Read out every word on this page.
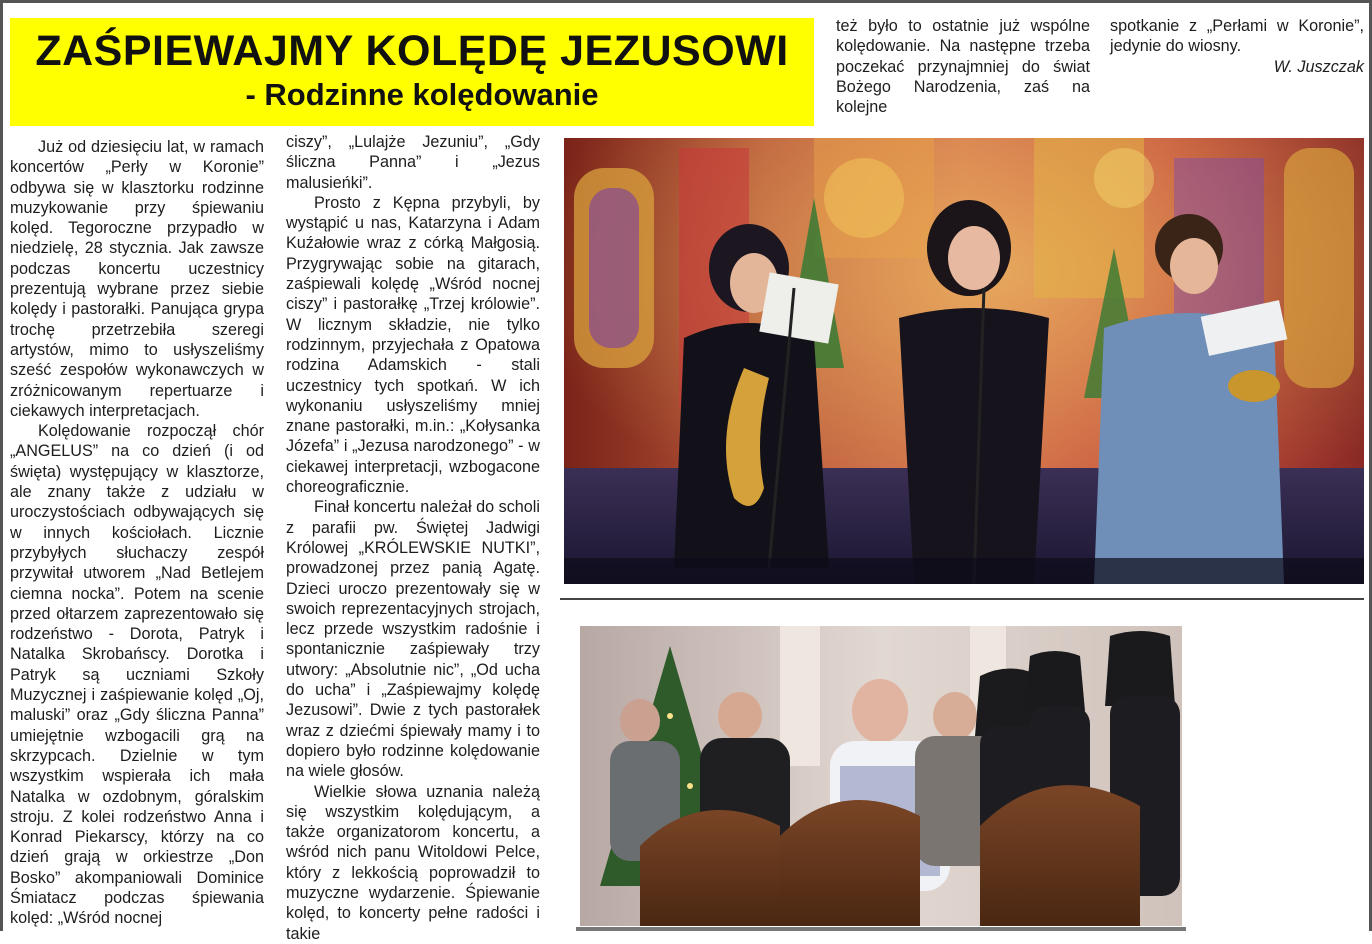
ZAŚPIEWAJMY KOLĘDĘ JEZUSOWI
- Rodzinne kolędowanie

też było to ostatnie już wspólne kolędowanie. Na następne trzeba poczekać przynajmniej do świat Bożego Narodzenia, zaś na kolejne

spotkanie z „Perłami w Koronie”, jedynie do wiosny.

W. Juszczak

Już od dziesięciu lat, w ramach koncertów „Perły w Koronie” odbywa się w klasztorku rodzinne muzykowanie przy śpiewaniu kolęd. Tegoroczne przypadło w niedzielę, 28 stycznia. Jak zawsze podczas koncertu uczestnicy prezentują wybrane przez siebie kolędy i pastorałki. Panująca grypa trochę przetrzebiła szeregi artystów, mimo to usłyszeliśmy sześć zespołów wykonawczych w zróżnicowanym repertuarze i ciekawych interpretacjach.

Kolędowanie rozpoczął chór „ANGELUS” na co dzień (i od święta) występujący w klasztorze, ale znany także z udziału w uroczystościach odbywających się w innych kościołach. Licznie przybyłych słuchaczy zespół przywitał utworem „Nad Betlejem ciemna nocka”. Potem na scenie przed ołtarzem zaprezentowało się rodzeństwo - Dorota, Patryk i Natalka Skrobańscy. Dorotka i Patryk są uczniami Szkoły Muzycznej i zaśpiewanie kolęd „Oj, maluski” oraz „Gdy śliczna Panna” umiejętnie wzbogacili grą na skrzypcach. Dzielnie w tym wszystkim wspierała ich mała Natalka w ozdobnym, góralskim stroju. Z kolei rodzeństwo Anna i Konrad Piekarscy, którzy na co dzień grają w orkiestrze „Don Bosko” akompaniowali Dominice Śmiatacz podczas śpiewania kolęd: „Wśród nocnej

ciszy”, „Lulajże Jezuniu”, „Gdy śliczna Panna” i „Jezus malusieńki”.

Prosto z Kępna przybyli, by wystąpić u nas, Katarzyna i Adam Kuźałowie wraz z córką Małgosią. Przygrywając sobie na gitarach, zaśpiewali kolędę „Wśród nocnej ciszy” i pastorałkę „Trzej królowie”. W licznym składzie, nie tylko rodzinnym, przyjechała z Opatowa rodzina Adamskich - stali uczestnicy tych spotkań. W ich wykonaniu usłyszeliśmy mniej znane pastorałki, m.in.: „Kołysanka Józefa” i „Jezusa narodzonego” - w ciekawej interpretacji, wzbogacone choreograficznie.

Finał koncertu należał do scholi z parafii pw. Świętej Jadwigi Królowej „KRÓLEWSKIE NUTKI”, prowadzonej przez panią Agatę. Dzieci uroczo prezentowały się w swoich reprezentacyjnych strojach, lecz przede wszystkim radośnie i spontanicznie zaśpiewały trzy utwory: „Absolutnie nic”, „Od ucha do ucha” i „Zaśpiewajmy kolędę Jezusowi”. Dwie z tych pastorałek wraz z dziećmi śpiewały mamy i to dopiero było rodzinne kolędowanie na wiele głosów.

Wielkie słowa uznania należą się wszystkim kolędującym, a także organizatorom koncertu, a wśród nich panu Witoldowi Pelce, który z lekkością poprowadził to muzyczne wydarzenie. Śpiewanie kolęd, to koncerty pełne radości i takie
